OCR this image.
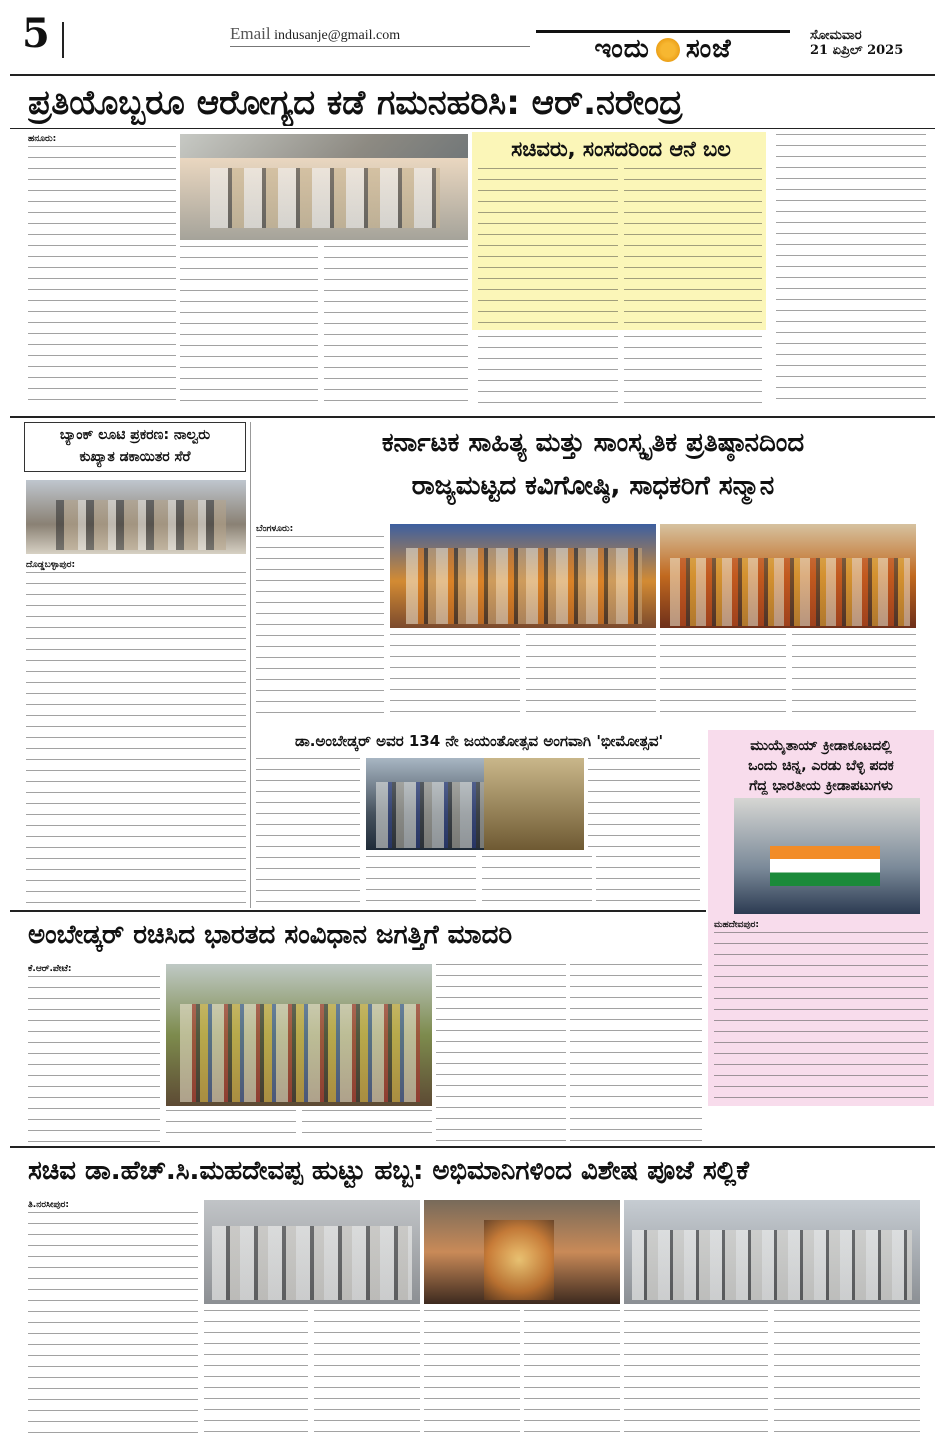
5	Email indusanje@gmail.com	ಇಂದು ಸಂಜೆ	ಸೋಮವಾರ
21 ಏಪ್ರಿಲ್ 2025
ಪ್ರತಿಯೊಬ್ಬರೂ ಆರೋಗ್ಯದ ಕಡೆ ಗಮನಹರಿಸಿ: ಆರ್.ನರೇಂದ್ರ
ಹನೂರು:	ಸಚಿವರು, ಸಂಸದರಿಂದ ಆನೆ ಬಲ
ಬ್ಯಾಂಕ್ ಲೂಟಿ ಪ್ರಕರಣ: ನಾಲ್ವರು
ಕುಖ್ಯಾತ ಡಕಾಯಿತರ ಸೆರೆ
ದೊಡ್ಡಬಳ್ಳಾಪುರ:
ಕರ್ನಾಟಕ ಸಾಹಿತ್ಯ ಮತ್ತು ಸಾಂಸ್ಕೃತಿಕ ಪ್ರತಿಷ್ಠಾನದಿಂದ
ರಾಜ್ಯಮಟ್ಟದ ಕವಿಗೋಷ್ಠಿ, ಸಾಧಕರಿಗೆ ಸನ್ಮಾನ
ಬೆಂಗಳೂರು:
ಡಾ.ಅಂಬೇಡ್ಕರ್ ಅವರ 134 ನೇ ಜಯಂತೋತ್ಸವ ಅಂಗವಾಗಿ 'ಭೀಮೋತ್ಸವ'	ಮುಯೈತಾಯ್ ಕ್ರೀಡಾಕೂಟದಲ್ಲಿ
ಒಂದು ಚಿನ್ನ, ಎರಡು ಬೆಳ್ಳಿ ಪದಕ
ಗೆದ್ದ ಭಾರತೀಯ ಕ್ರೀಡಾಪಟುಗಳು
ಮಹದೇವಪುರ:
ಅಂಬೇಡ್ಕರ್ ರಚಿಸಿದ ಭಾರತದ ಸಂವಿಧಾನ ಜಗತ್ತಿಗೆ ಮಾದರಿ
ಕೆ.ಆರ್.ಪೇಟೆ:
ಸಚಿವ ಡಾ.ಹೆಚ್.ಸಿ.ಮಹದೇವಪ್ಪ ಹುಟ್ಟು ಹಬ್ಬ: ಅಭಿಮಾನಿಗಳಿಂದ ವಿಶೇಷ ಪೂಜೆ ಸಲ್ಲಿಕೆ
ತಿ.ನರಸೀಪುರ:
